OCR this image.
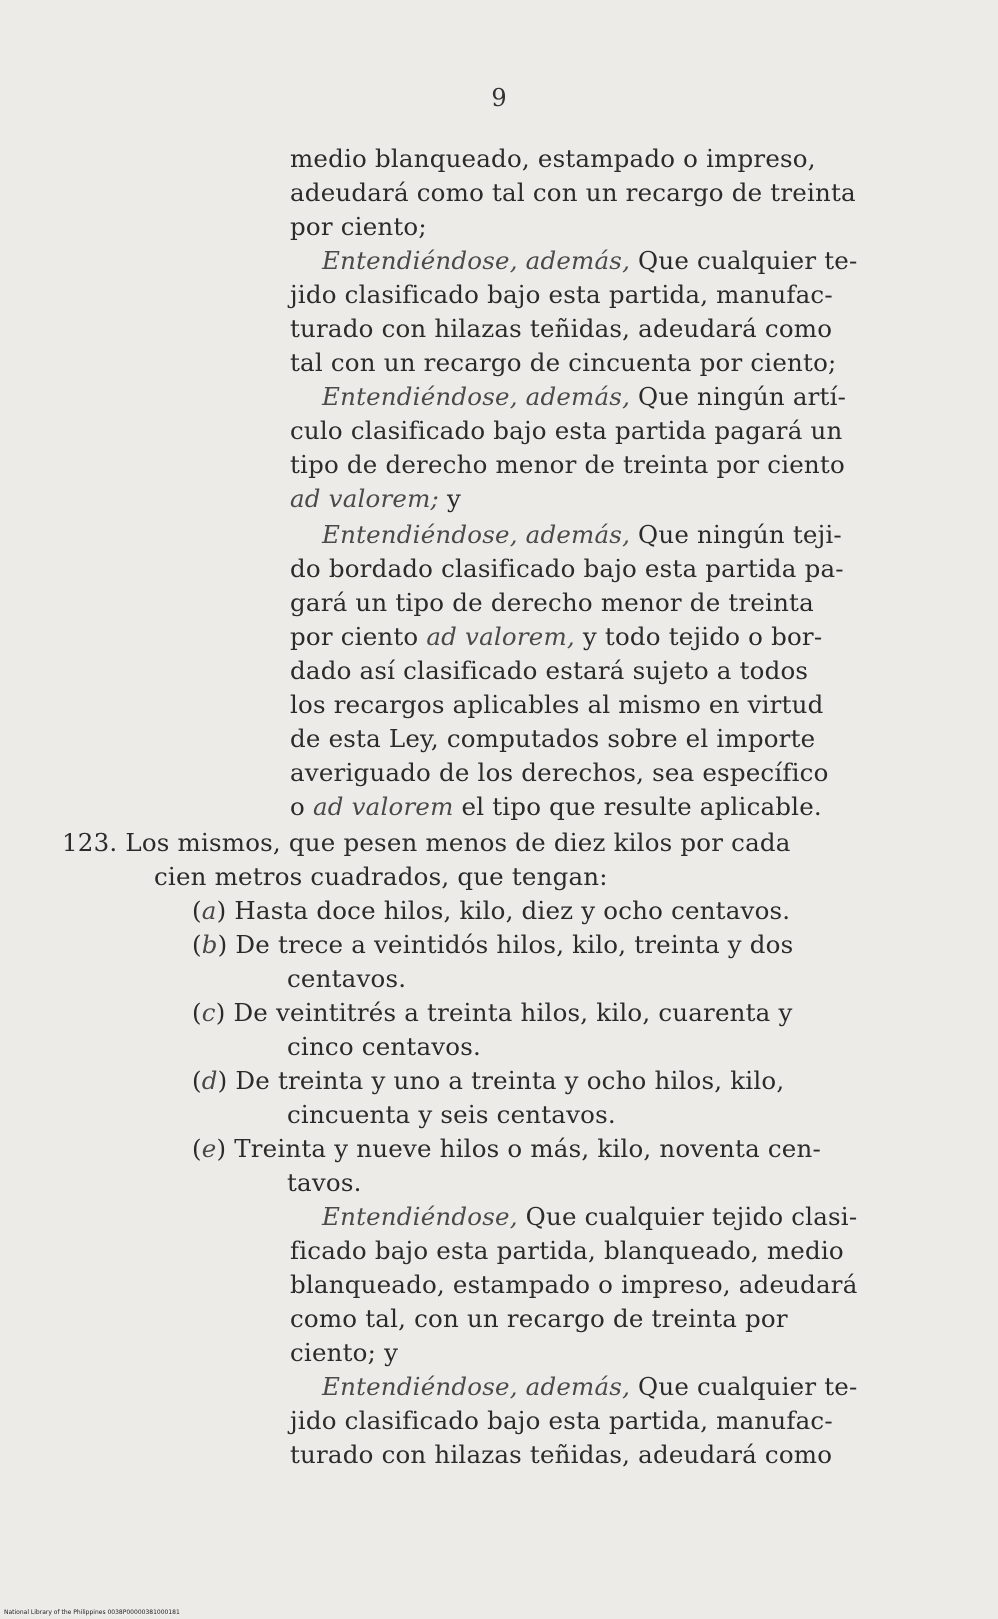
9
medio blanqueado, estampado o impreso,
adeudará como tal con un recargo de treinta
por ciento;
Entendiéndose, además, Que cualquier te-
jido clasificado bajo esta partida, manufac-
turado con hilazas teñidas, adeudará como
tal con un recargo de cincuenta por ciento;
Entendiéndose, además, Que ningún artí-
culo clasificado bajo esta partida pagará un
tipo de derecho menor de treinta por ciento
ad valorem; y
Entendiéndose, además, Que ningún teji-
do bordado clasificado bajo esta partida pa-
gará un tipo de derecho menor de treinta
por ciento ad valorem, y todo tejido o bor-
dado así clasificado estará sujeto a todos
los recargos aplicables al mismo en virtud
de esta Ley, computados sobre el importe
averiguado de los derechos, sea específico
o ad valorem el tipo que resulte aplicable.
123. Los mismos, que pesen menos de diez kilos por cada
cien metros cuadrados, que tengan:
(a) Hasta doce hilos, kilo, diez y ocho centavos.
(b) De trece a veintidós hilos, kilo, treinta y dos
centavos.
(c) De veintitrés a treinta hilos, kilo, cuarenta y
cinco centavos.
(d) De treinta y uno a treinta y ocho hilos, kilo,
cincuenta y seis centavos.
(e) Treinta y nueve hilos o más, kilo, noventa cen-
tavos.
Entendiéndose, Que cualquier tejido clasi-
ficado bajo esta partida, blanqueado, medio
blanqueado, estampado o impreso, adeudará
como tal, con un recargo de treinta por
ciento; y
Entendiéndose, además, Que cualquier te-
jido clasificado bajo esta partida, manufac-
turado con hilazas teñidas, adeudará como
National Library of the Philippines 0038P00000381000181
